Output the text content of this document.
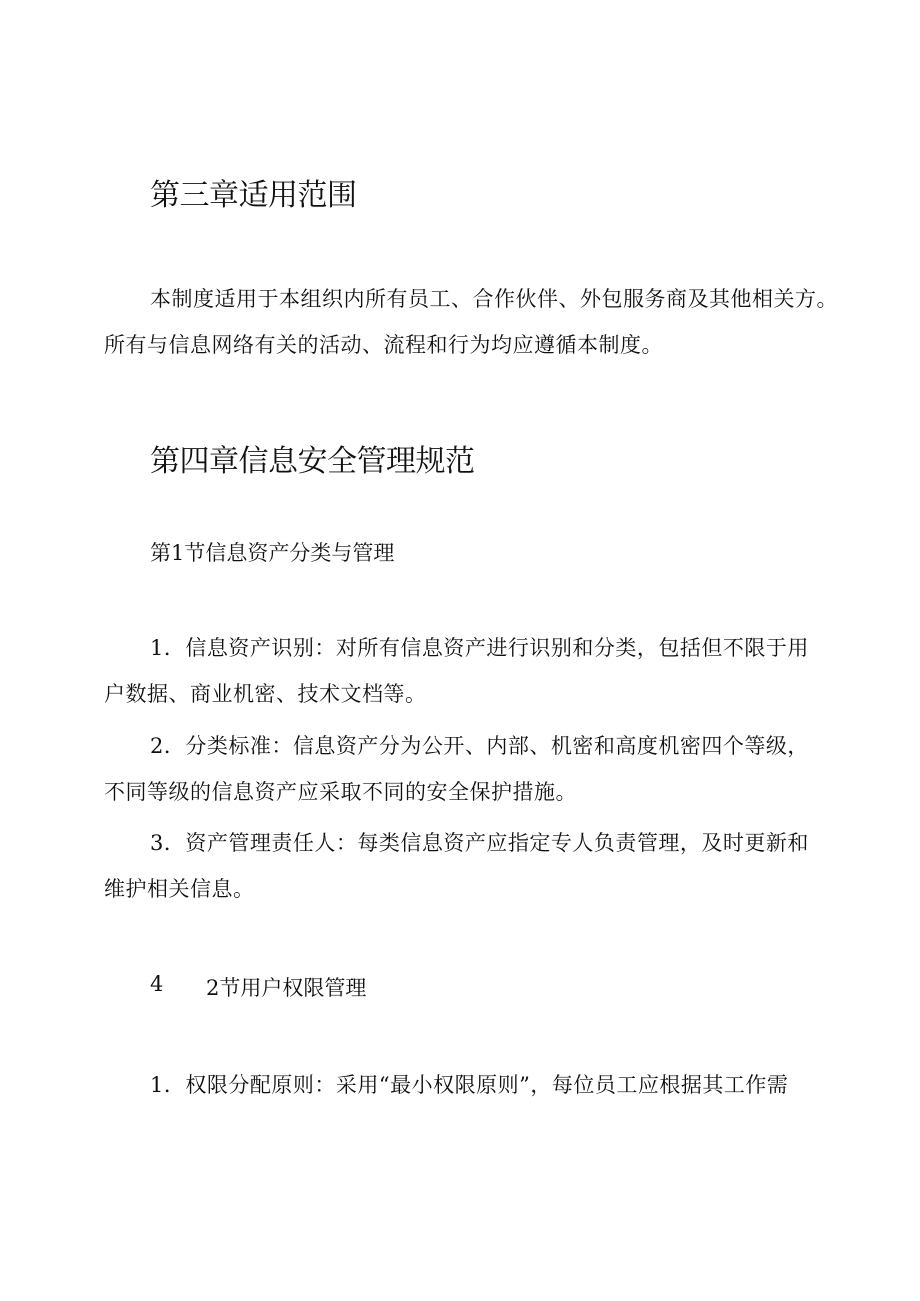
第三章适用范围
本制度适用于本组织内所有员工、合作伙伴、外包服务商及其他相关方。
所有与信息网络有关的活动、流程和行为均应遵循本制度。
第四章信息安全管理规范
第1节信息资产分类与管理
1．信息资产识别：对所有信息资产进行识别和分类，包括但不限于用
户数据、商业机密、技术文档等。
2．分类标准：信息资产分为公开、内部、机密和高度机密四个等级，
不同等级的信息资产应采取不同的安全保护措施。
3．资产管理责任人：每类信息资产应指定专人负责管理，及时更新和
维护相关信息。
4 2节用户权限管理
1．权限分配原则：采用“最小权限原则”，每位员工应根据其工作需
